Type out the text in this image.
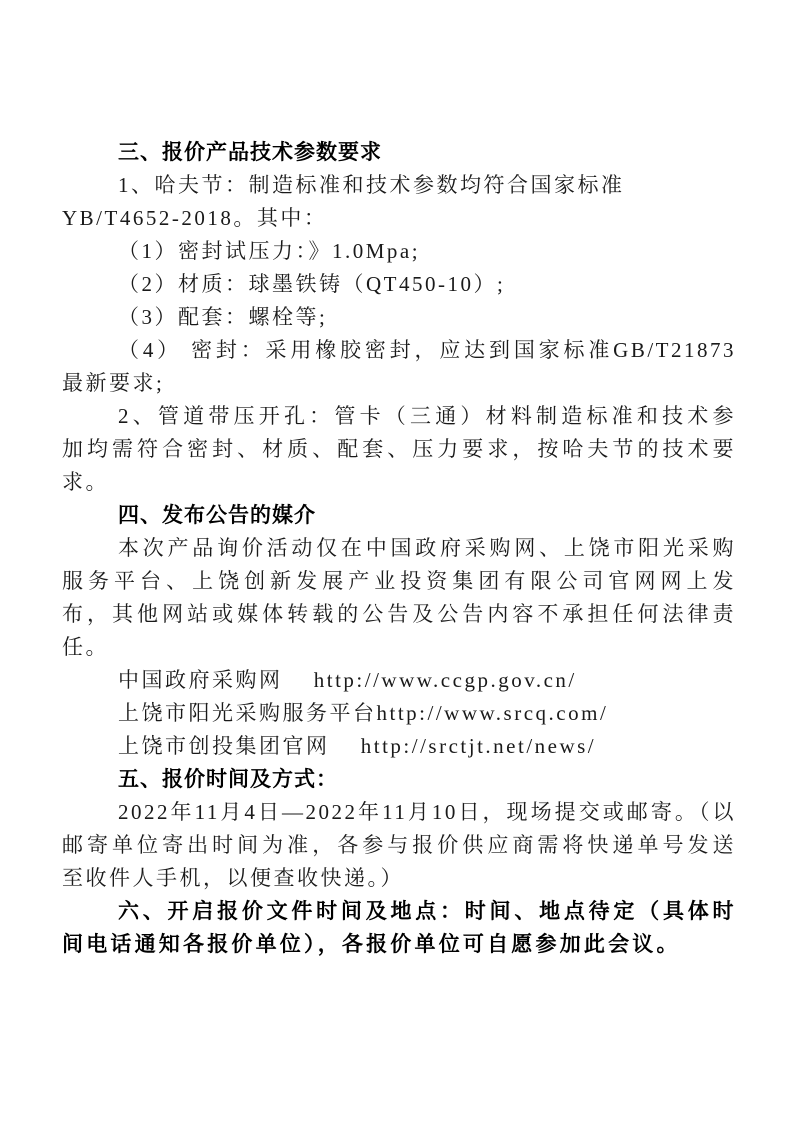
三、报价产品技术参数要求
1、哈夫节：制造标准和技术参数均符合国家标准
YB/T4652-2018。其中：
（1）密封试压力：》1.0Mpa;
（2）材质：球墨铁铸（QT450-10）;
（3）配套：螺栓等;
（4） 密封：采用橡胶密封，应达到国家标准GB/T21873
最新要求;
2、管道带压开孔：管卡（三通）材料制造标准和技术参
加均需符合密封、材质、配套、压力要求，按哈夫节的技术要
求。
四、发布公告的媒介
本次产品询价活动仅在中国政府采购网、上饶市阳光采购
服务平台、上饶创新发展产业投资集团有限公司官网网上发
布，其他网站或媒体转载的公告及公告内容不承担任何法律责
任。
中国政府采购网　 http://www.ccgp.gov.cn/
上饶市阳光采购服务平台http://www.srcq.com/
上饶市创投集团官网　 http://srctjt.net/news/
五、报价时间及方式：
2022年11月4日—2022年11月10日，现场提交或邮寄。（以
邮寄单位寄出时间为准，各参与报价供应商需将快递单号发送
至收件人手机，以便查收快递。）
六、开启报价文件时间及地点：时间、地点待定（具体时
间电话通知各报价单位），各报价单位可自愿参加此会议。
